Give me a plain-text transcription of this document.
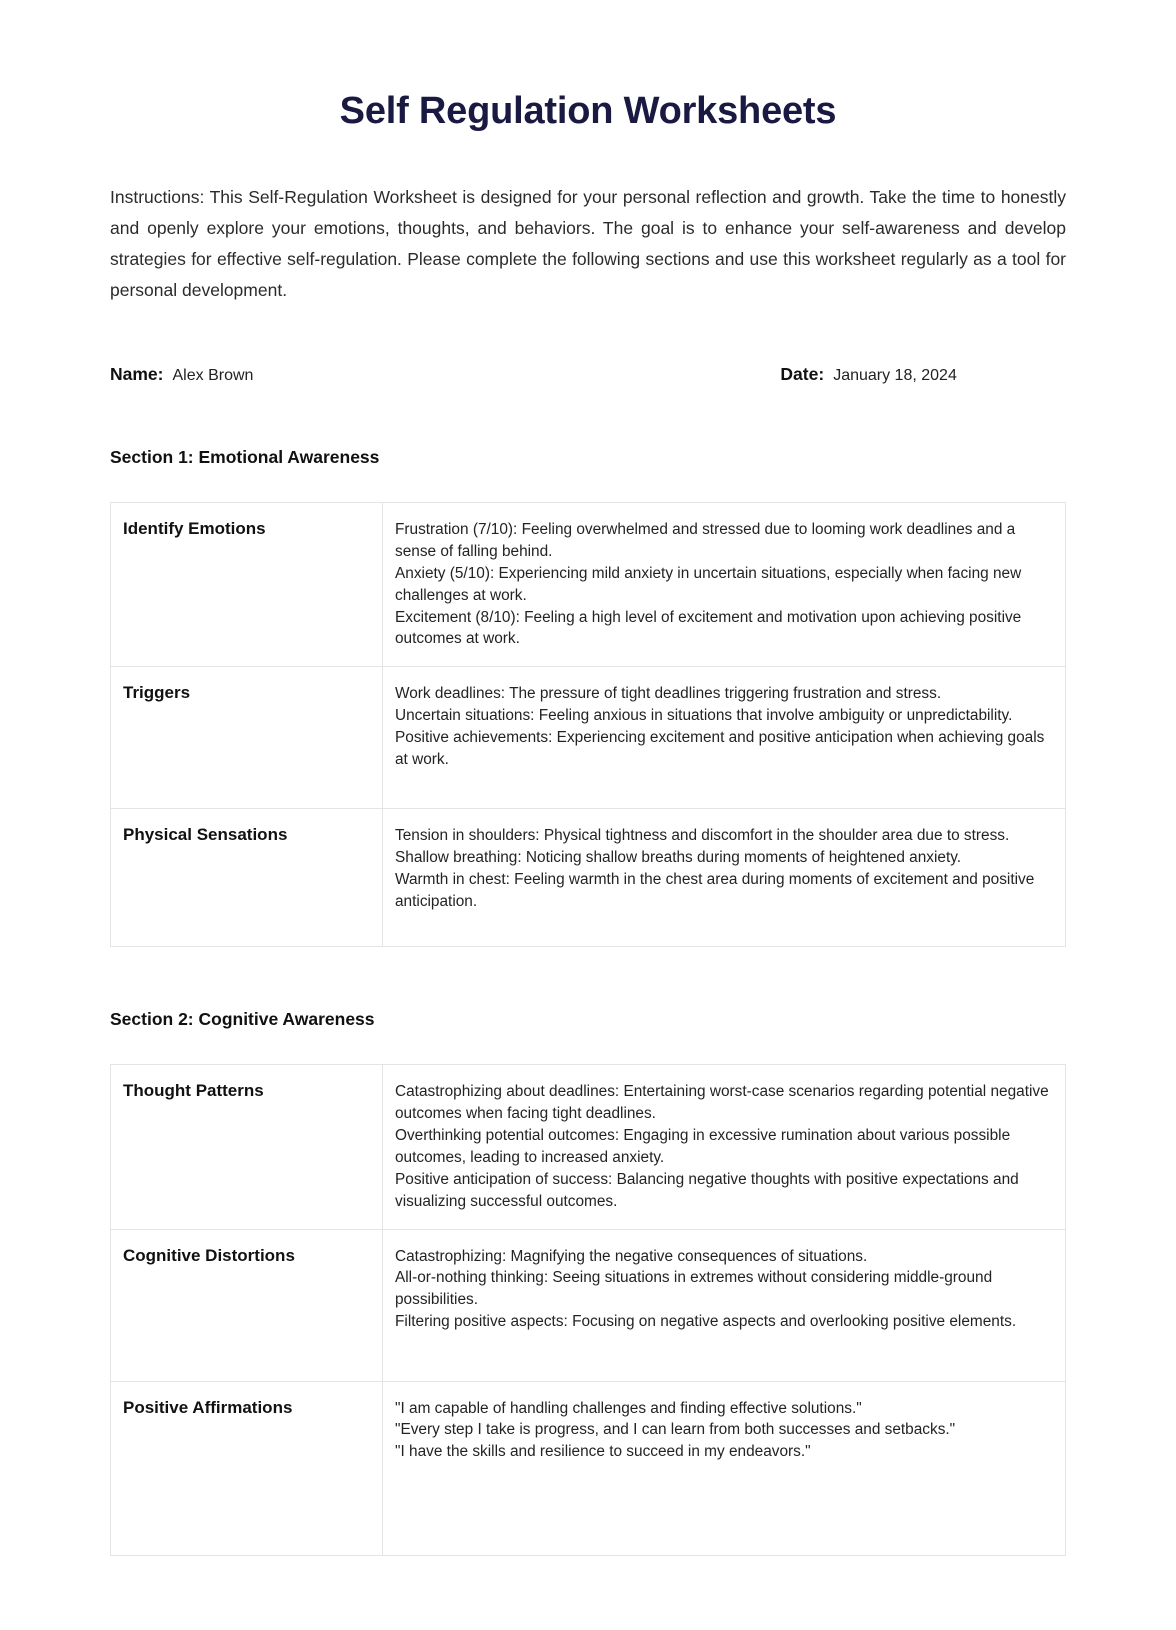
Self Regulation Worksheets

Instructions: This Self-Regulation Worksheet is designed for your personal reflection and growth. Take the time to honestly and openly explore your emotions, thoughts, and behaviors. The goal is to enhance your self-awareness and develop strategies for effective self-regulation. Please complete the following sections and use this worksheet regularly as a tool for personal development.

Name: Alex Brown	Date: January 18, 2024
Section 1: Emotional Awareness
Identify Emotions	Frustration (7/10): Feeling overwhelmed and stressed due to looming work deadlines and a sense of falling behind.
Anxiety (5/10): Experiencing mild anxiety in uncertain situations, especially when facing new challenges at work.
Excitement (8/10): Feeling a high level of excitement and motivation upon achieving positive outcomes at work.

Triggers	Work deadlines: The pressure of tight deadlines triggering frustration and stress.
Uncertain situations: Feeling anxious in situations that involve ambiguity or unpredictability.
Positive achievements: Experiencing excitement and positive anticipation when achieving goals at work.

Physical Sensations	Tension in shoulders: Physical tightness and discomfort in the shoulder area due to stress.
Shallow breathing: Noticing shallow breaths during moments of heightened anxiety.
Warmth in chest: Feeling warmth in the chest area during moments of excitement and positive anticipation.
Section 2: Cognitive Awareness
Thought Patterns	Catastrophizing about deadlines: Entertaining worst-case scenarios regarding potential negative outcomes when facing tight deadlines.
Overthinking potential outcomes: Engaging in excessive rumination about various possible outcomes, leading to increased anxiety.
Positive anticipation of success: Balancing negative thoughts with positive expectations and visualizing successful outcomes.

Cognitive Distortions	Catastrophizing: Magnifying the negative consequences of situations.
All-or-nothing thinking: Seeing situations in extremes without considering middle-ground possibilities.
Filtering positive aspects: Focusing on negative aspects and overlooking positive elements.

Positive Affirmations	"I am capable of handling challenges and finding effective solutions."
"Every step I take is progress, and I can learn from both successes and setbacks."
"I have the skills and resilience to succeed in my endeavors."
